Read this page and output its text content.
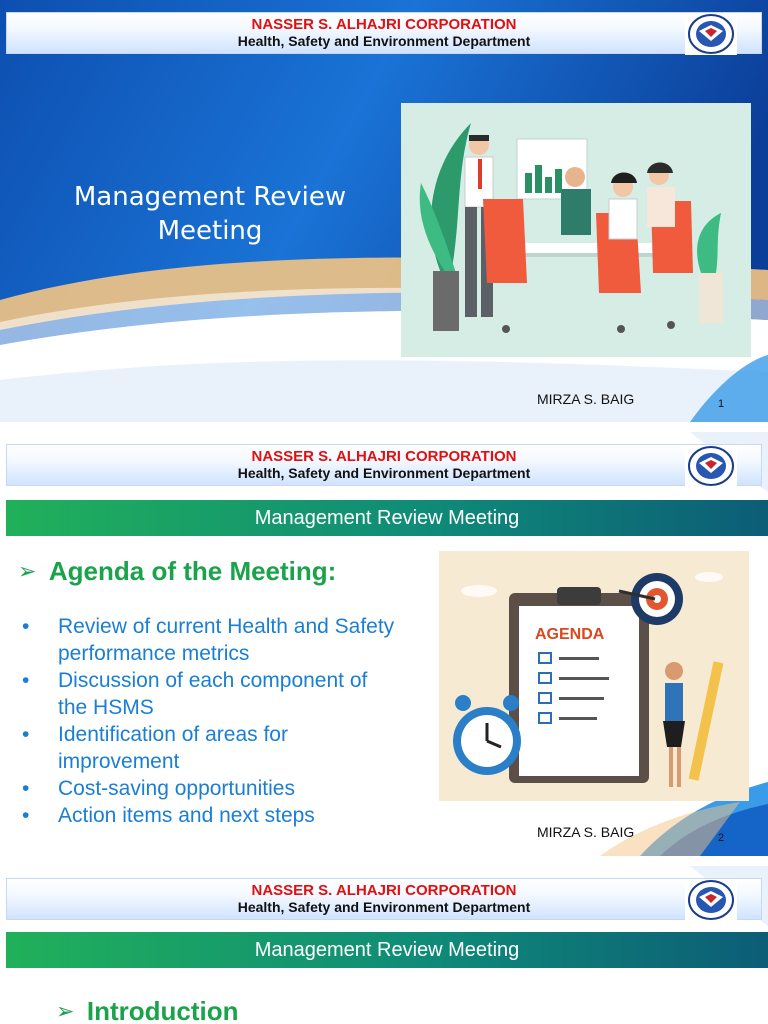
NASSER S. ALHAJRI CORPORATION
Health, Safety and Environment Department
Management Review Meeting
MIRZA S. BAIG	1
NASSER S. ALHAJRI CORPORATION
Health, Safety and Environment Department
Management Review Meeting
➢ Agenda of the Meeting:
• Review of current Health and Safety performance metrics
• Discussion of each component of the HSMS
• Identification of areas for improvement
• Cost-saving opportunities
• Action items and next steps
AGENDA
MIRZA S. BAIG	2
NASSER S. ALHAJRI CORPORATION
Health, Safety and Environment Department
Management Review Meeting
➢ Introduction
